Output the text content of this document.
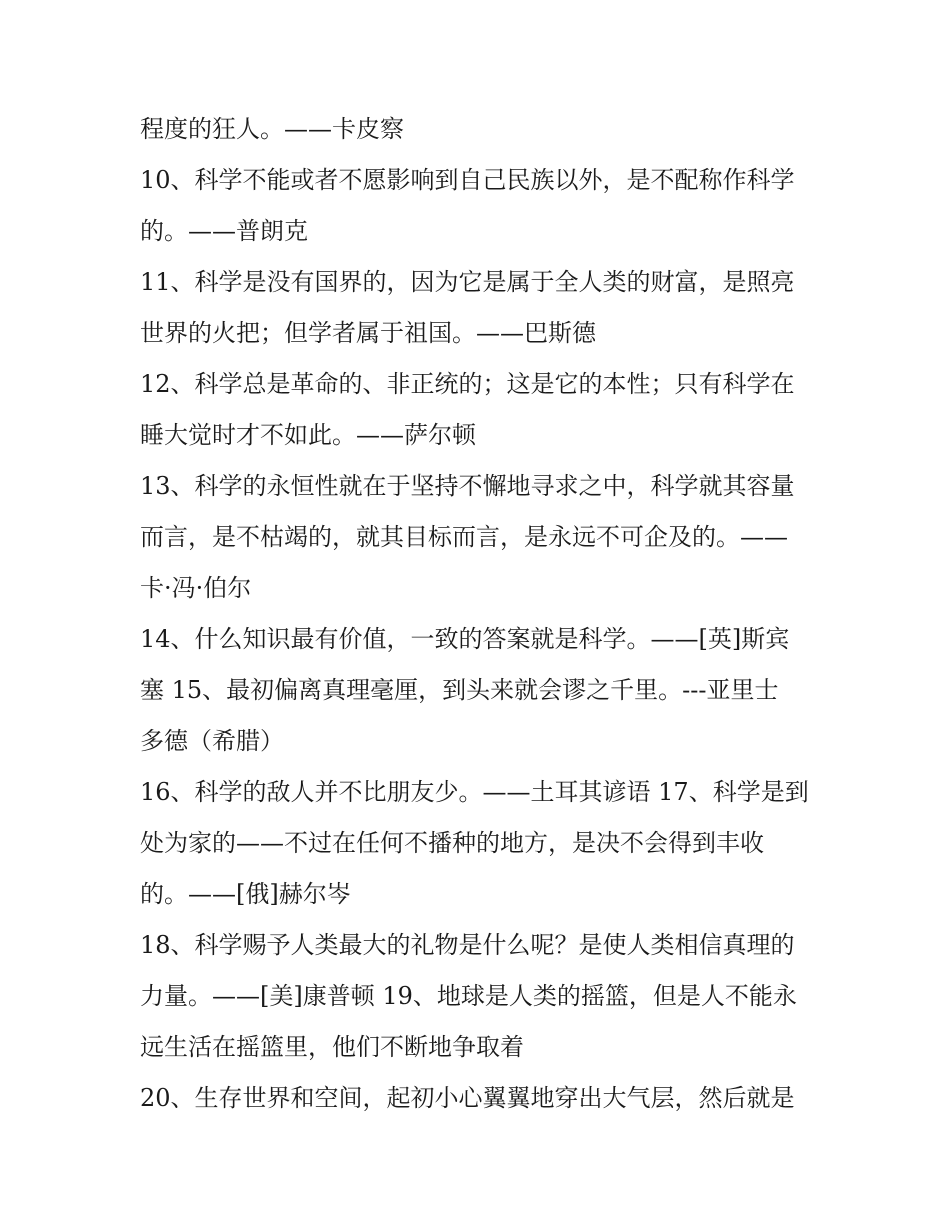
程度的狂人。——卡皮察
10、科学不能或者不愿影响到自己民族以外，是不配称作科学
的。——普朗克
11、科学是没有国界的，因为它是属于全人类的财富，是照亮
世界的火把；但学者属于祖国。——巴斯德
12、科学总是革命的、非正统的；这是它的本性；只有科学在
睡大觉时才不如此。——萨尔顿
13、科学的永恒性就在于坚持不懈地寻求之中，科学就其容量
而言，是不枯竭的，就其目标而言，是永远不可企及的。——
卡·冯·伯尔
14、什么知识最有价值，一致的答案就是科学。——[英]斯宾
塞 15、最初偏离真理毫厘，到头来就会谬之千里。---亚里士
多德（希腊）
16、科学的敌人并不比朋友少。——土耳其谚语 17、科学是到
处为家的——不过在任何不播种的地方，是决不会得到丰收
的。——[俄]赫尔岑
18、科学赐予人类最大的礼物是什么呢？是使人类相信真理的
力量。——[美]康普顿 19、地球是人类的摇篮，但是人不能永
远生活在摇篮里，他们不断地争取着
20、生存世界和空间，起初小心翼翼地穿出大气层，然后就是
